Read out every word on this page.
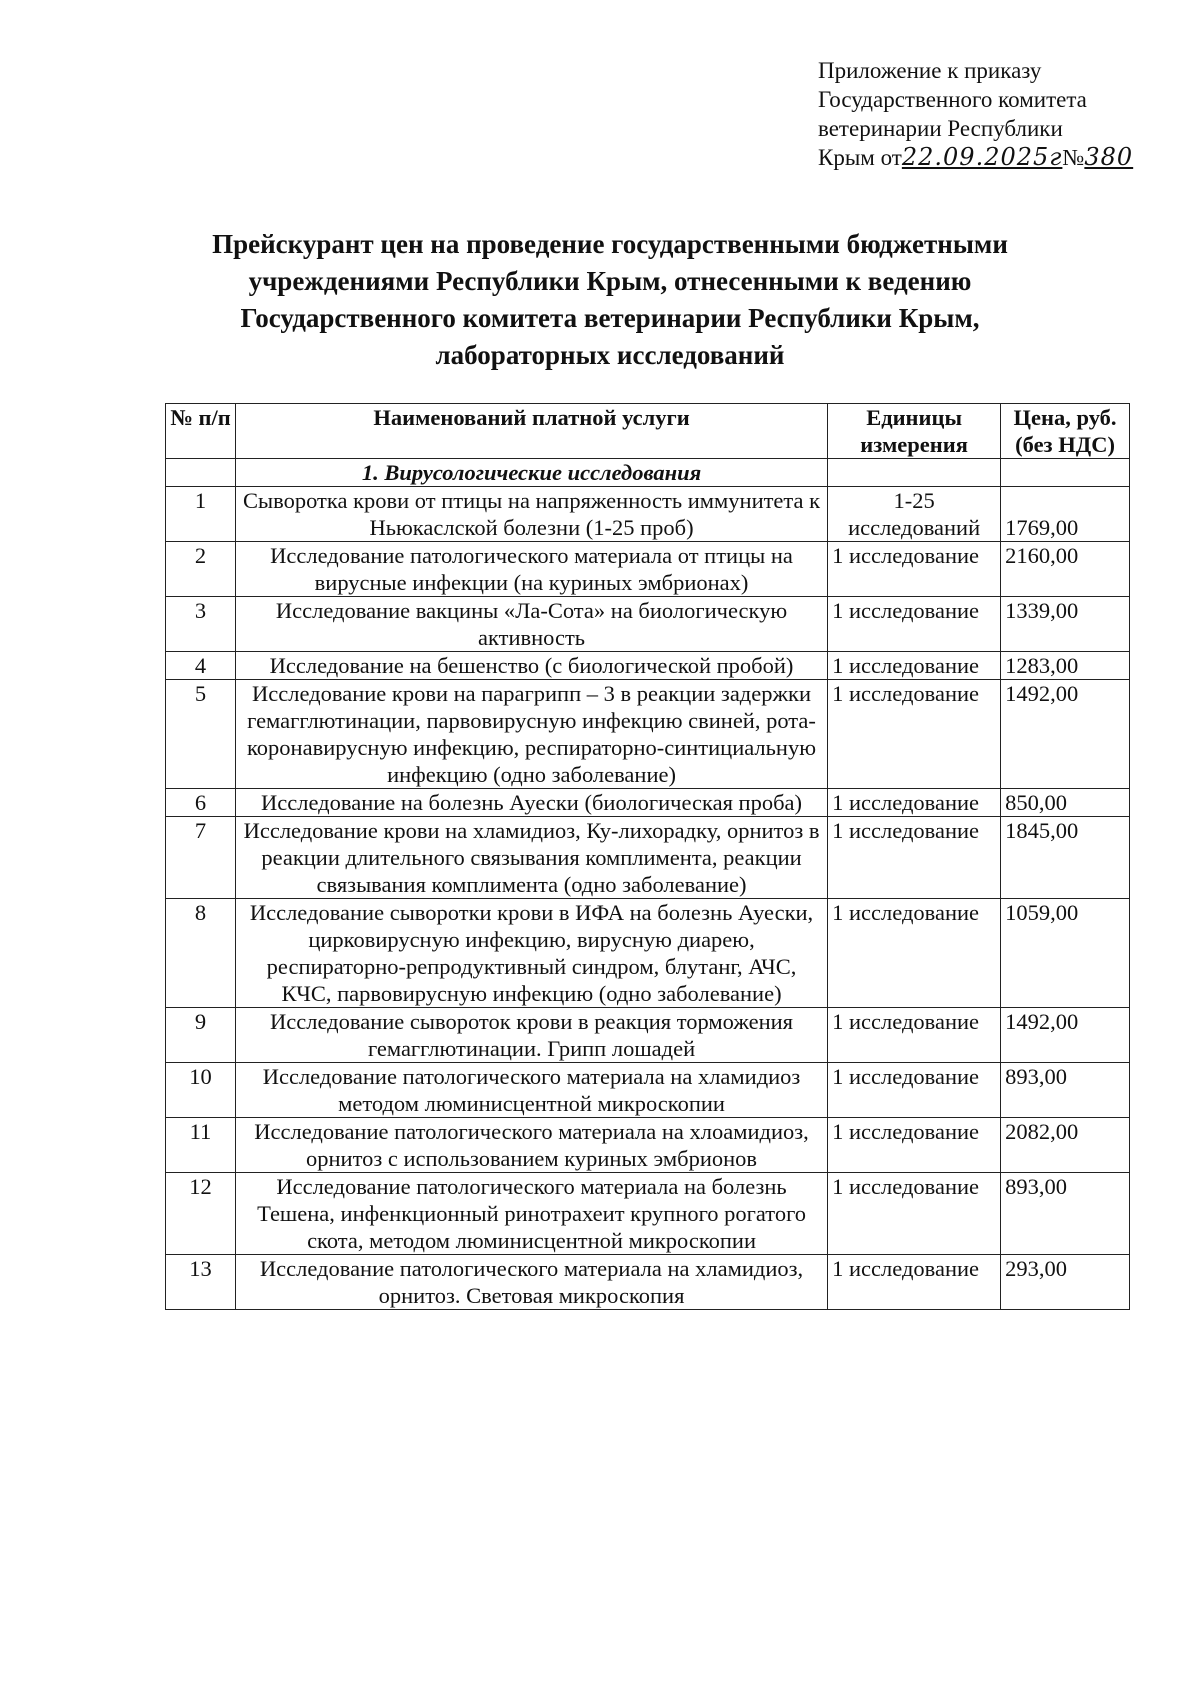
Приложение к приказу
Государственного комитета
ветеринарии Республики
Крым от22.09.2025г№380
Прейскурант цен на проведение государственными бюджетными
учреждениями Республики Крым, отнесенными к ведению
Государственного комитета ветеринарии Республики Крым,
лабораторных исследований
№ п/п	Наименований платной услуги	Единицы измерения	Цена, руб. (без НДС)
	1. Вирусологические исследования		
1	Сыворотка крови от птицы на напряженность иммунитета к Ньюкаслской болезни (1-25 проб)	1-25 исследований	1769,00
2	Исследование патологического материала от птицы на вирусные инфекции (на куриных эмбрионах)	1 исследование	2160,00
3	Исследование вакцины «Ла-Сота» на биологическую активность	1 исследование	1339,00
4	Исследование на бешенство (с биологической пробой)	1 исследование	1283,00
5	Исследование крови на парагрипп – 3 в реакции задержки гемагглютинации, парвовирусную инфекцию свиней, рота-коронавирусную инфекцию, респираторно-синтициальную инфекцию (одно заболевание)	1 исследование	1492,00
6	Исследование на болезнь Ауески (биологическая проба)	1 исследование	850,00
7	Исследование крови на хламидиоз, Ку-лихорадку, орнитоз в реакции длительного связывания комплимента, реакции связывания комплимента (одно заболевание)	1 исследование	1845,00
8	Исследование сыворотки крови в ИФА на болезнь Ауески, цирковирусную инфекцию, вирусную диарею, респираторно-репродуктивный синдром, блутанг, АЧС, КЧС, парвовирусную инфекцию (одно заболевание)	1 исследование	1059,00
9	Исследование сывороток крови в реакция торможения гемагглютинации. Грипп лошадей	1 исследование	1492,00
10	Исследование патологического материала на хламидиоз методом люминисцентной микроскопии	1 исследование	893,00
11	Исследование патологического материала на хлоамидиоз, орнитоз с использованием куриных эмбрионов	1 исследование	2082,00
12	Исследование патологического материала на болезнь Тешена, инфенкционный ринотрахеит крупного рогатого скота, методом люминисцентной микроскопии	1 исследование	893,00
13	Исследование патологического материала на хламидиоз, орнитоз. Световая микроскопия	1 исследование	293,00
